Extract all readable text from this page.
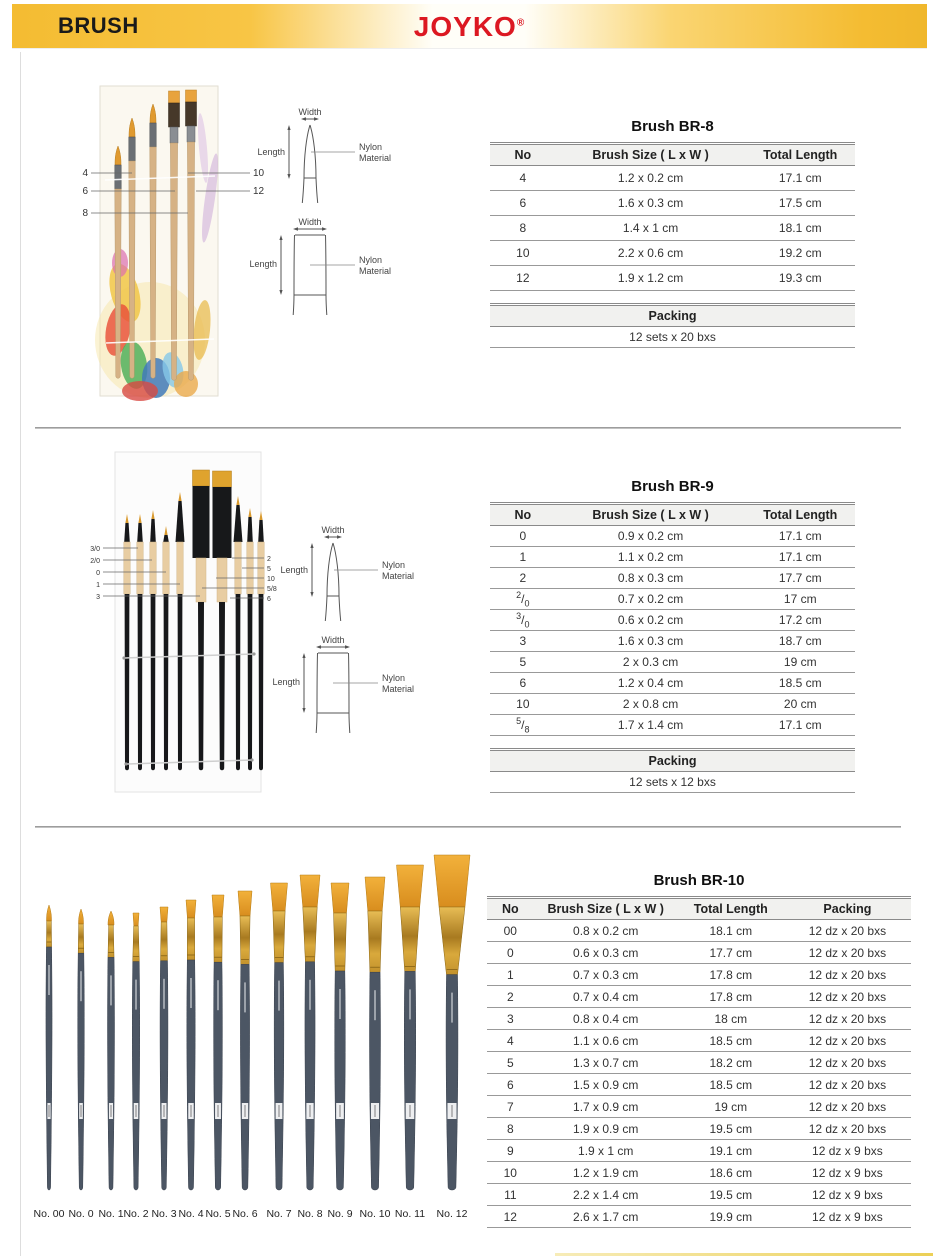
BRUSH	JOYKO®
4
6
8
10
12
Brush BR-8
No	Brush Size ( L x W )	Total Length
4	1.2 x 0.2 cm	17.1 cm
6	1.6 x 0.3 cm	17.5 cm
8	1.4 x 1 cm	18.1 cm
10	2.2 x 0.6 cm	19.2 cm
12	1.9 x 1.2 cm	19.3 cm
Packing
12 sets x 20 bxs
3/0
2/0
0
1
3
2
5
10
5/8
6
Brush BR-9
No	Brush Size ( L x W )	Total Length
0	0.9 x 0.2 cm	17.1 cm
1	1.1 x 0.2 cm	17.1 cm
2	0.8 x 0.3 cm	17.7 cm
$^2/_0$	0.7 x 0.2 cm	17 cm
$^3/_0$	0.6 x 0.2 cm	17.2 cm
3	1.6 x 0.3 cm	18.7 cm
5	2 x 0.3 cm	19 cm
6	1.2 x 0.4 cm	18.5 cm
10	2 x 0.8 cm	20 cm
$^5/_8$	1.7 x 1.4 cm	17.1 cm
Packing
12 sets x 12 bxs
No. 00 No. 0 No. 1 No. 2 No. 3 No. 4 No. 5 No. 6 No. 7 No. 8 No. 9 No. 10 No. 11 No. 12
Brush BR-10
No	Brush Size ( L x W )	Total Length	Packing
00	0.8 x 0.2 cm	18.1 cm	12 dz x 20 bxs
0	0.6 x 0.3 cm	17.7 cm	12 dz x 20 bxs
1	0.7 x 0.3 cm	17.8 cm	12 dz x 20 bxs
2	0.7 x 0.4 cm	17.8 cm	12 dz x 20 bxs
3	0.8 x 0.4 cm	18 cm	12 dz x 20 bxs
4	1.1 x 0.6 cm	18.5 cm	12 dz x 20 bxs
5	1.3 x 0.7 cm	18.2 cm	12 dz x 20 bxs
6	1.5 x 0.9 cm	18.5 cm	12 dz x 20 bxs
7	1.7 x 0.9 cm	19 cm	12 dz x 20 bxs
8	1.9 x 0.9 cm	19.5 cm	12 dz x 20 bxs
9	1.9 x 1 cm	19.1 cm	12 dz x 9 bxs
10	1.2 x 1.9 cm	18.6 cm	12 dz x 9 bxs
11	2.2 x 1.4 cm	19.5 cm	12 dz x 9 bxs
12	2.6 x 1.7 cm	19.9 cm	12 dz x 9 bxs
